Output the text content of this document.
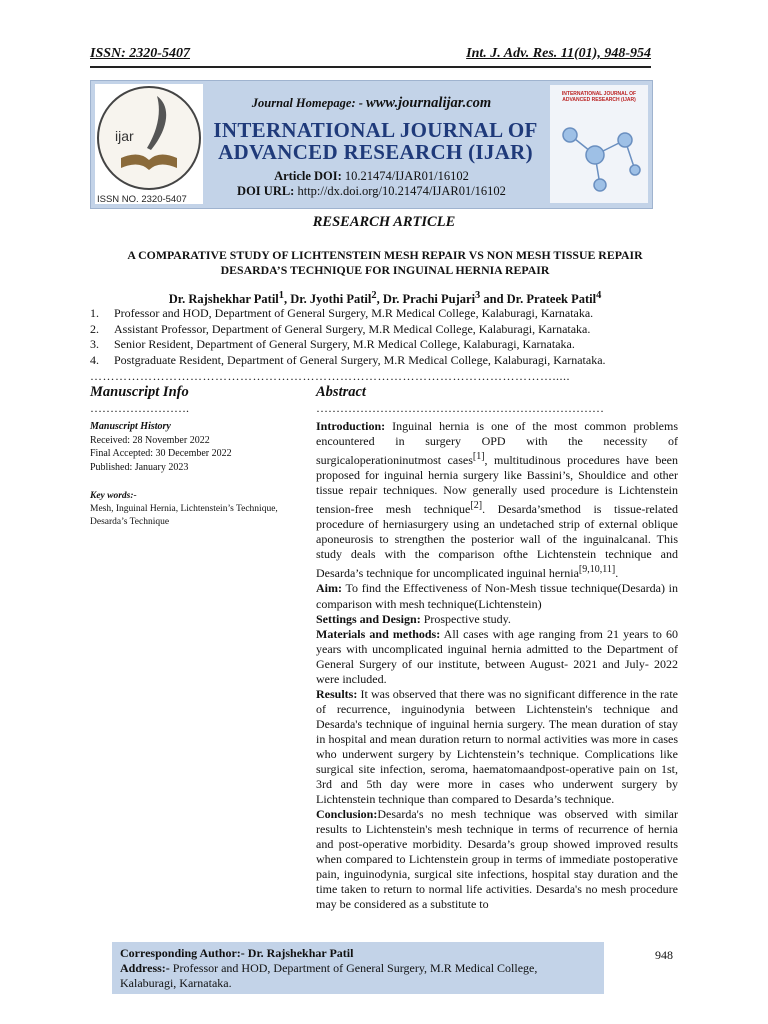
ISSN: 2320-5407	Int. J. Adv. Res. 11(01), 948-954
ijar
ISSN NO. 2320-5407
Journal Homepage: - www.journalijar.com
INTERNATIONAL JOURNAL OF
ADVANCED RESEARCH (IJAR)
Article DOI: 10.21474/IJAR01/16102
DOI URL: http://dx.doi.org/10.21474/IJAR01/16102
INTERNATIONAL JOURNAL OF ADVANCED RESEARCH (IJAR)
RESEARCH ARTICLE
A COMPARATIVE STUDY OF LICHTENSTEIN MESH REPAIR VS NON MESH TISSUE REPAIR
DESARDA’S TECHNIQUE FOR INGUINAL HERNIA REPAIR
Dr. Rajshekhar Patil$^1$, Dr. Jyothi Patil$^2$, Dr. Prachi Pujari$^3$ and Dr. Prateek Patil$^4$
1. Professor and HOD, Department of General Surgery, M.R Medical College, Kalaburagi, Karnataka.
2. Assistant Professor, Department of General Surgery, M.R Medical College, Kalaburagi, Karnataka.
3. Senior Resident, Department of General Surgery, M.R Medical College, Kalaburagi, Karnataka.
4. Postgraduate Resident, Department of General Surgery, M.R Medical College, Kalaburagi, Karnataka.
………………………………………………………………………………………………….....
Manuscript Info
…………………….
Manuscript History
Received: 28 November 2022
Final Accepted: 30 December 2022
Published: January 2023
Key words:-
Mesh, Inguinal Hernia, Lichtenstein’s Technique, Desarda’s Technique
Abstract
………………………………………………………………

Introduction: Inguinal hernia is one of the most common problems encountered in surgery OPD with the necessity of surgicaloperationinutmost cases[1], multitudinous procedures have been proposed for inguinal hernia surgery like Bassini’s, Shouldice and other tissue repair techniques. Now generally used procedure is Lichtenstein tension-free mesh technique[2]. Desarda’smethod is tissue-related procedure of herniasurgery using an undetached strip of external oblique aponeurosis to strengthen the posterior wall of the inguinalcanal. This study deals with the comparison ofthe Lichtenstein technique and Desarda’s technique for uncomplicated inguinal hernia[9,10,11].

Aim: To find the Effectiveness of Non-Mesh tissue technique(Desarda) in comparison with mesh technique(Lichtenstein)

Settings and Design: Prospective study.

Materials and methods: All cases with age ranging from 21 years to 60 years with uncomplicated inguinal hernia admitted to the Department of General Surgery of our institute, between August- 2021 and July- 2022 were included.

Results: It was observed that there was no significant difference in the rate of recurrence, inguinodynia between Lichtenstein's technique and Desarda's technique of inguinal hernia surgery. The mean duration of stay in hospital and mean duration return to normal activities was more in cases who underwent surgery by Lichtenstein’s technique. Complications like surgical site infection, seroma, haematomaandpost-operative pain on 1st, 3rd and 5th day were more in cases who underwent surgery by Lichtenstein technique than compared to Desarda’s technique.

Conclusion:Desarda's no mesh technique was observed with similar results to Lichtenstein's mesh technique in terms of recurrence of hernia and post-operative morbidity. Desarda’s group showed improved results when compared to Lichtenstein group in terms of immediate postoperative pain, inguinodynia, surgical site infections, hospital stay duration and the time taken to return to normal life activities. Desarda's no mesh procedure may be considered as a substitute to

Corresponding Author:- Dr. Rajshekhar Patil
Address:- Professor and HOD, Department of General Surgery, M.R Medical College, Kalaburagi, Karnataka.
948
